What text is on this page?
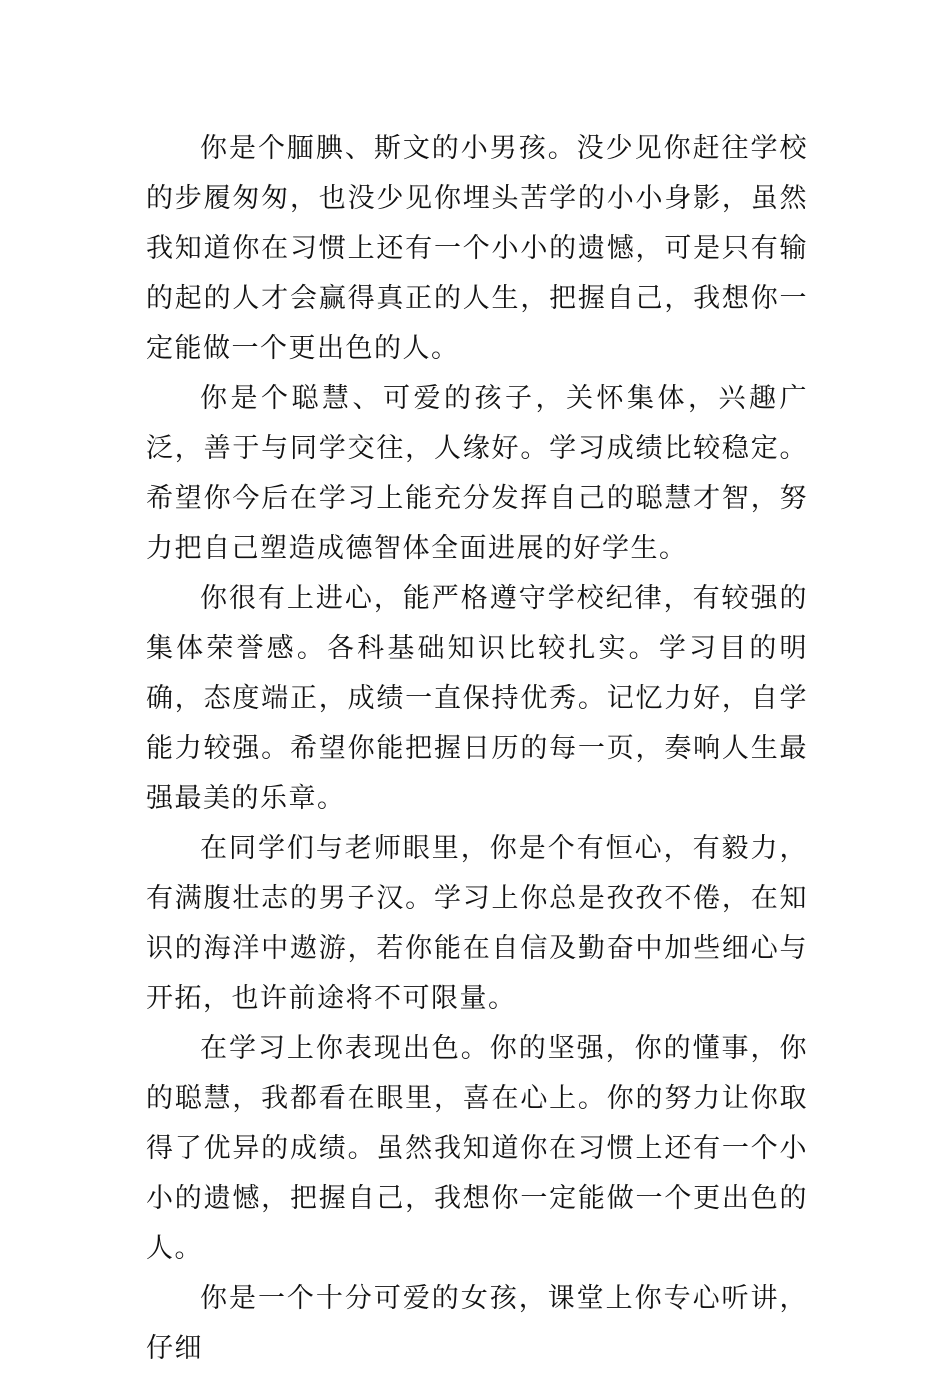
你是个腼腆、斯文的小男孩。没少见你赶往学校的步履匆匆，也没少见你埋头苦学的小小身影，虽然我知道你在习惯上还有一个小小的遗憾，可是只有输的起的人才会赢得真正的人生，把握自己，我想你一定能做一个更出色的人。

你是个聪慧、可爱的孩子，关怀集体，兴趣广泛，善于与同学交往，人缘好。学习成绩比较稳定。希望你今后在学习上能充分发挥自己的聪慧才智，努力把自己塑造成德智体全面进展的好学生。

你很有上进心，能严格遵守学校纪律，有较强的集体荣誉感。各科基础知识比较扎实。学习目的明确，态度端正，成绩一直保持优秀。记忆力好，自学能力较强。希望你能把握日历的每一页，奏响人生最强最美的乐章。

在同学们与老师眼里，你是个有恒心，有毅力，有满腹壮志的男子汉。学习上你总是孜孜不倦，在知识的海洋中遨游，若你能在自信及勤奋中加些细心与开拓，也许前途将不可限量。

在学习上你表现出色。你的坚强，你的懂事，你的聪慧，我都看在眼里，喜在心上。你的努力让你取得了优异的成绩。虽然我知道你在习惯上还有一个小小的遗憾，把握自己，我想你一定能做一个更出色的人。

你是一个十分可爱的女孩，课堂上你专心听讲，仔细
